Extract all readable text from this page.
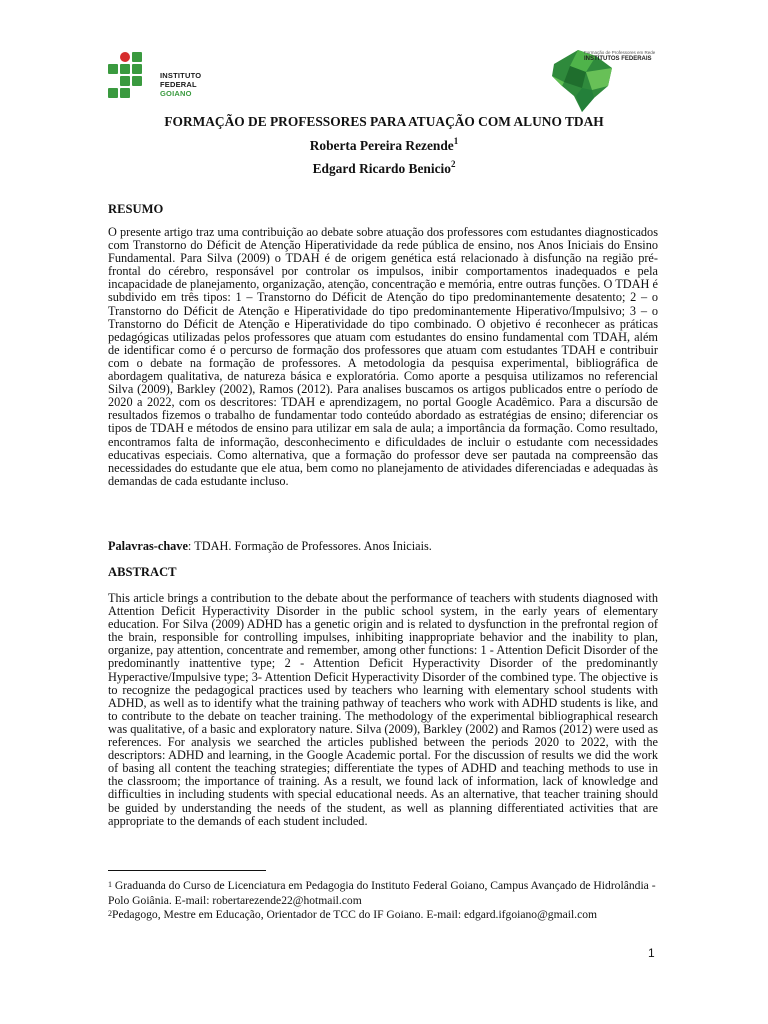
INSTITUTO FEDERAL
GOIANO
Formação de Professores em Rede
INSTITUTOS FEDERAIS
FORMAÇÃO DE PROFESSORES PARA ATUAÇÃO COM ALUNO TDAH
Roberta Pereira Rezende$^1$
Edgard Ricardo Benicio$^2$
RESUMO

O presente artigo traz uma contribuição ao debate sobre atuação dos professores com estudantes diagnosticados com Transtorno do Déficit de Atenção Hiperatividade da rede pública de ensino, nos Anos Iniciais do Ensino Fundamental. Para Silva (2009) o TDAH é de origem genética está relacionado à disfunção na região pré-frontal do cérebro, responsável por controlar os impulsos, inibir comportamentos inadequados e pela incapacidade de planejamento, organização, atenção, concentração e memória, entre outras funções. O TDAH é subdivido em três tipos: 1 – Transtorno do Déficit de Atenção do tipo predominantemente desatento; 2 – o Transtorno do Déficit de Atenção e Hiperatividade do tipo predominantemente Hiperativo/Impulsivo; 3 – o Transtorno do Déficit de Atenção e Hiperatividade do tipo combinado. O objetivo é reconhecer as práticas pedagógicas utilizadas pelos professores que atuam com estudantes do ensino fundamental com TDAH, além de identificar como é o percurso de formação dos professores que atuam com estudantes TDAH e contribuir com o debate na formação de professores. A metodologia da pesquisa experimental, bibliográfica de abordagem qualitativa, de natureza básica e exploratória. Como aporte a pesquisa utilizamos no referencial Silva (2009), Barkley (2002), Ramos (2012). Para analises buscamos os artigos publicados entre o período de 2020 a 2022, com os descritores: TDAH e aprendizagem, no portal Google Acadêmico. Para a discursão de resultados fizemos o trabalho de fundamentar todo conteúdo abordado as estratégias de ensino; diferenciar os tipos de TDAH e métodos de ensino para utilizar em sala de aula; a importância da formação. Como resultado, encontramos falta de informação, desconhecimento e dificuldades de incluir o estudante com necessidades educativas especiais. Como alternativa, que a formação do professor deve ser pautada na compreensão das necessidades do estudante que ele atua, bem como no planejamento de atividades diferenciadas e adequadas às demandas de cada estudante incluso.

Palavras-chave: TDAH. Formação de Professores. Anos Iniciais.
ABSTRACT

This article brings a contribution to the debate about the performance of teachers with students diagnosed with Attention Deficit Hyperactivity Disorder in the public school system, in the early years of elementary education. For Silva (2009) ADHD has a genetic origin and is related to dysfunction in the prefrontal region of the brain, responsible for controlling impulses, inhibiting inappropriate behavior and the inability to plan, organize, pay attention, concentrate and remember, among other functions: 1 - Attention Deficit Disorder of the predominantly inattentive type; 2 - Attention Deficit Hyperactivity Disorder of the predominantly Hyperactive/Impulsive type; 3- Attention Deficit Hyperactivity Disorder of the combined type. The objective is to recognize the pedagogical practices used by teachers who learning with elementary school students with ADHD, as well as to identify what the training pathway of teachers who work with ADHD students is like, and to contribute to the debate on teacher training. The methodology of the experimental bibliographical research was qualitative, of a basic and exploratory nature. Silva (2009), Barkley (2002) and Ramos (2012) were used as references. For analysis we searched the articles published between the periods 2020 to 2022, with the descriptors: ADHD and learning, in the Google Academic portal. For the discussion of results we did the work of basing all content the teaching strategies; differentiate the types of ADHD and teaching methods to use in the classroom; the importance of training. As a result, we found lack of information, lack of knowledge and difficulties in including students with special educational needs. As an alternative, that teacher training should be guided by understanding the needs of the student, as well as planning differentiated activities that are appropriate to the demands of each student included.

$^1$ Graduanda do Curso de Licenciatura em Pedagogia do Instituto Federal Goiano, Campus Avançado de Hidrolândia - Polo Goiânia. E-mail: robertarezende22@hotmail.com

$^2$Pedagogo, Mestre em Educação, Orientador de TCC do IF Goiano. E-mail: edgard.ifgoiano@gmail.com

1
